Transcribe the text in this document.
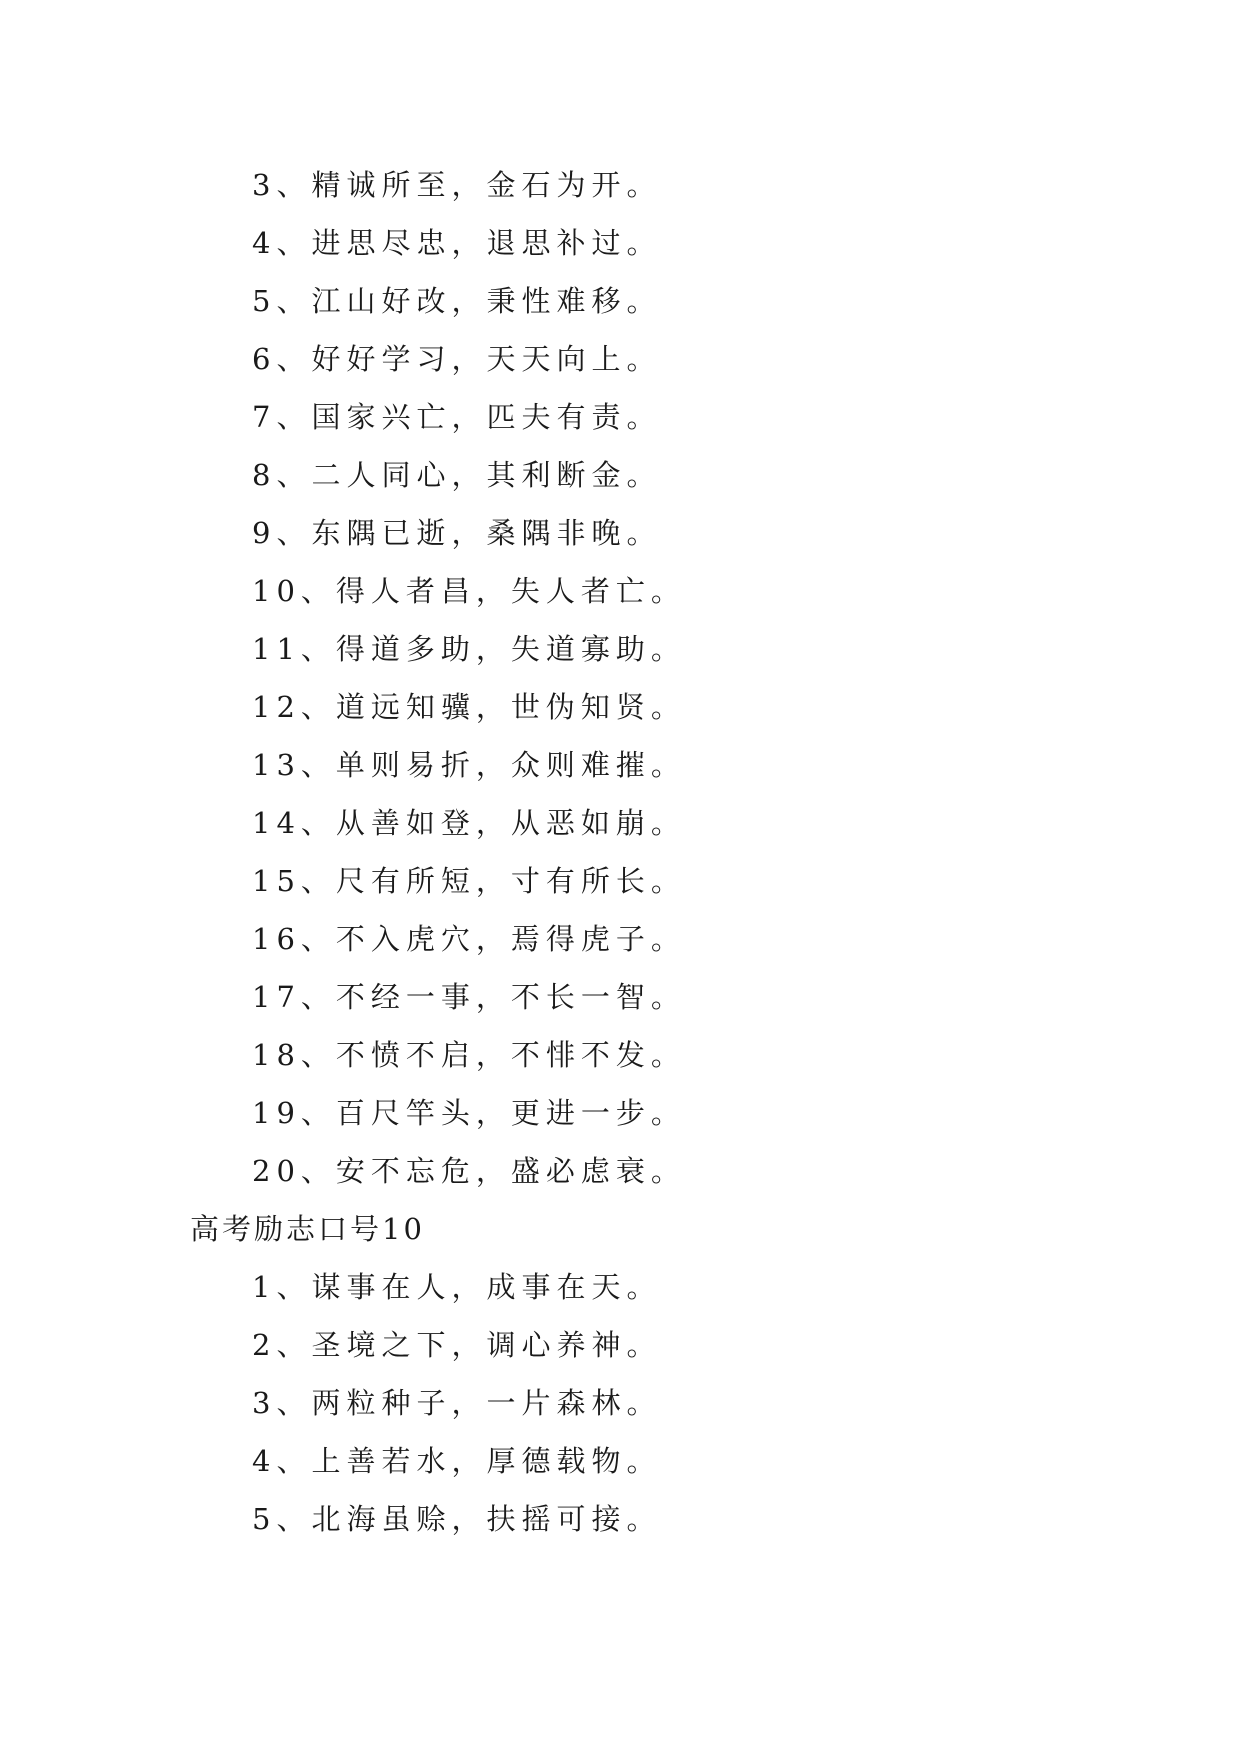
3、精诚所至，金石为开。
4、进思尽忠，退思补过。
5、江山好改，秉性难移。
6、好好学习，天天向上。
7、国家兴亡，匹夫有责。
8、二人同心，其利断金。
9、东隅已逝，桑隅非晚。
10、得人者昌，失人者亡。
11、得道多助，失道寡助。
12、道远知骥，世伪知贤。
13、单则易折，众则难摧。
14、从善如登，从恶如崩。
15、尺有所短，寸有所长。
16、不入虎穴，焉得虎子。
17、不经一事，不长一智。
18、不愤不启，不悱不发。
19、百尺竿头，更进一步。
20、安不忘危，盛必虑衰。
高考励志口号10
1、谋事在人，成事在天。
2、圣境之下，调心养神。
3、两粒种子，一片森林。
4、上善若水，厚德载物。
5、北海虽赊，扶摇可接。
